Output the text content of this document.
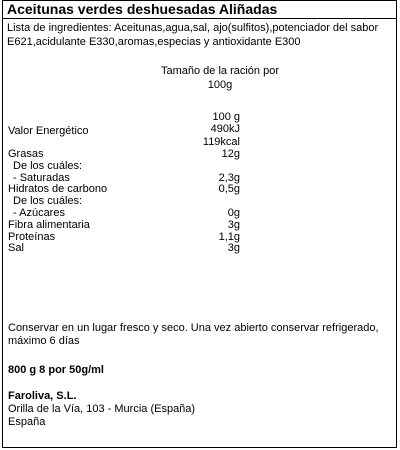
Aceitunas verdes deshuesadas Aliñadas
Lista de ingredientes: Aceitunas,agua,sal, ajo(sulfitos),potenciador del sabor E621,acidulante E330,aromas,especias y antioxidante E300
Tamaño de la ración por
100g
100 g
Valor Energético	490kJ
119kcal
Grasas	12g
De los cuáles:
- Saturadas	2,3g
Hidratos de carbono	0,5g
De los cuáles:
- Azúcares	0g
Fibra alimentaria	3g
Proteínas	1,1g
Sal	3g
Conservar en un lugar fresco y seco. Una vez abierto conservar refrigerado, máximo 6 días
800 g 8 por 50g/ml
Faroliva, S.L.
Orilla de la Vía, 103 - Murcia (España)
España
